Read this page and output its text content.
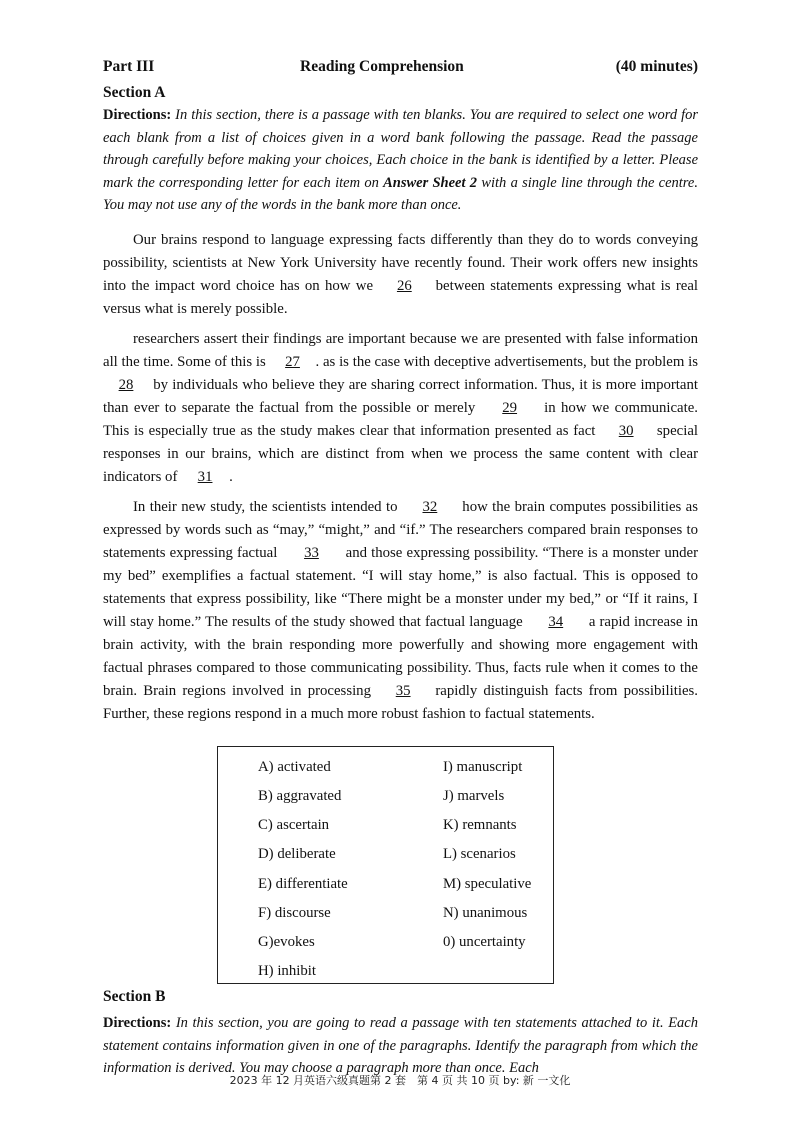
Part III	Reading Comprehension	(40 minutes)
Section A

Directions: In this section, there is a passage with ten blanks. You are required to select one word for each blank from a list of choices given in a word bank following the passage. Read the passage through carefully before making your choices, Each choice in the bank is identified by a letter. Please mark the corresponding letter for each item on Answer Sheet 2 with a single line through the centre. You may not use any of the words in the bank more than once.

Our brains respond to language expressing facts differently than they do to words conveying possibility, scientists at New York University have recently found. Their work offers new insights into the impact word choice has on how we 26 between statements expressing what is real versus what is merely possible.

researchers assert their findings are important because we are presented with false information all the time. Some of this is 27 . as is the case with deceptive advertisements, but the problem is 28 by individuals who believe they are sharing correct information. Thus, it is more important than ever to separate the factual from the possible or merely 29 in how we communicate. This is especially true as the study makes clear that information presented as fact 30 special responses in our brains, which are distinct from when we process the same content with clear indicators of 31 .

In their new study, the scientists intended to 32 how the brain computes possibilities as expressed by words such as “may,” “might,” and “if.” The researchers compared brain responses to statements expressing factual 33 and those expressing possibility. “There is a monster under my bed” exemplifies a factual statement. “I will stay home,” is also factual. This is opposed to statements that express possibility, like “There might be a monster under my bed,” or “If it rains, I will stay home.” The results of the study showed that factual language 34 a rapid increase in brain activity, with the brain responding more powerfully and showing more engagement with factual phrases compared to those communicating possibility. Thus, facts rule when it comes to the brain. Brain regions involved in processing 35 rapidly distinguish facts from possibilities. Further, these regions respond in a much more robust fashion to factual statements.

A) activated
B) aggravated
C) ascertain
D) deliberate
E) differentiate
F) discourse
G)evokes
H) inhibit
I) manuscript
J) marvels
K) remnants
L) scenarios
M) speculative
N) unanimous
0) uncertainty
Section B

Directions: In this section, you are going to read a passage with ten statements attached to it. Each statement contains information given in one of the paragraphs. Identify the paragraph from which the information is derived. You may choose a paragraph more than once. Each

2023 年 12 月英语六级真题第 2 套　第 4 页 共 10 页 by: 新 一文化
